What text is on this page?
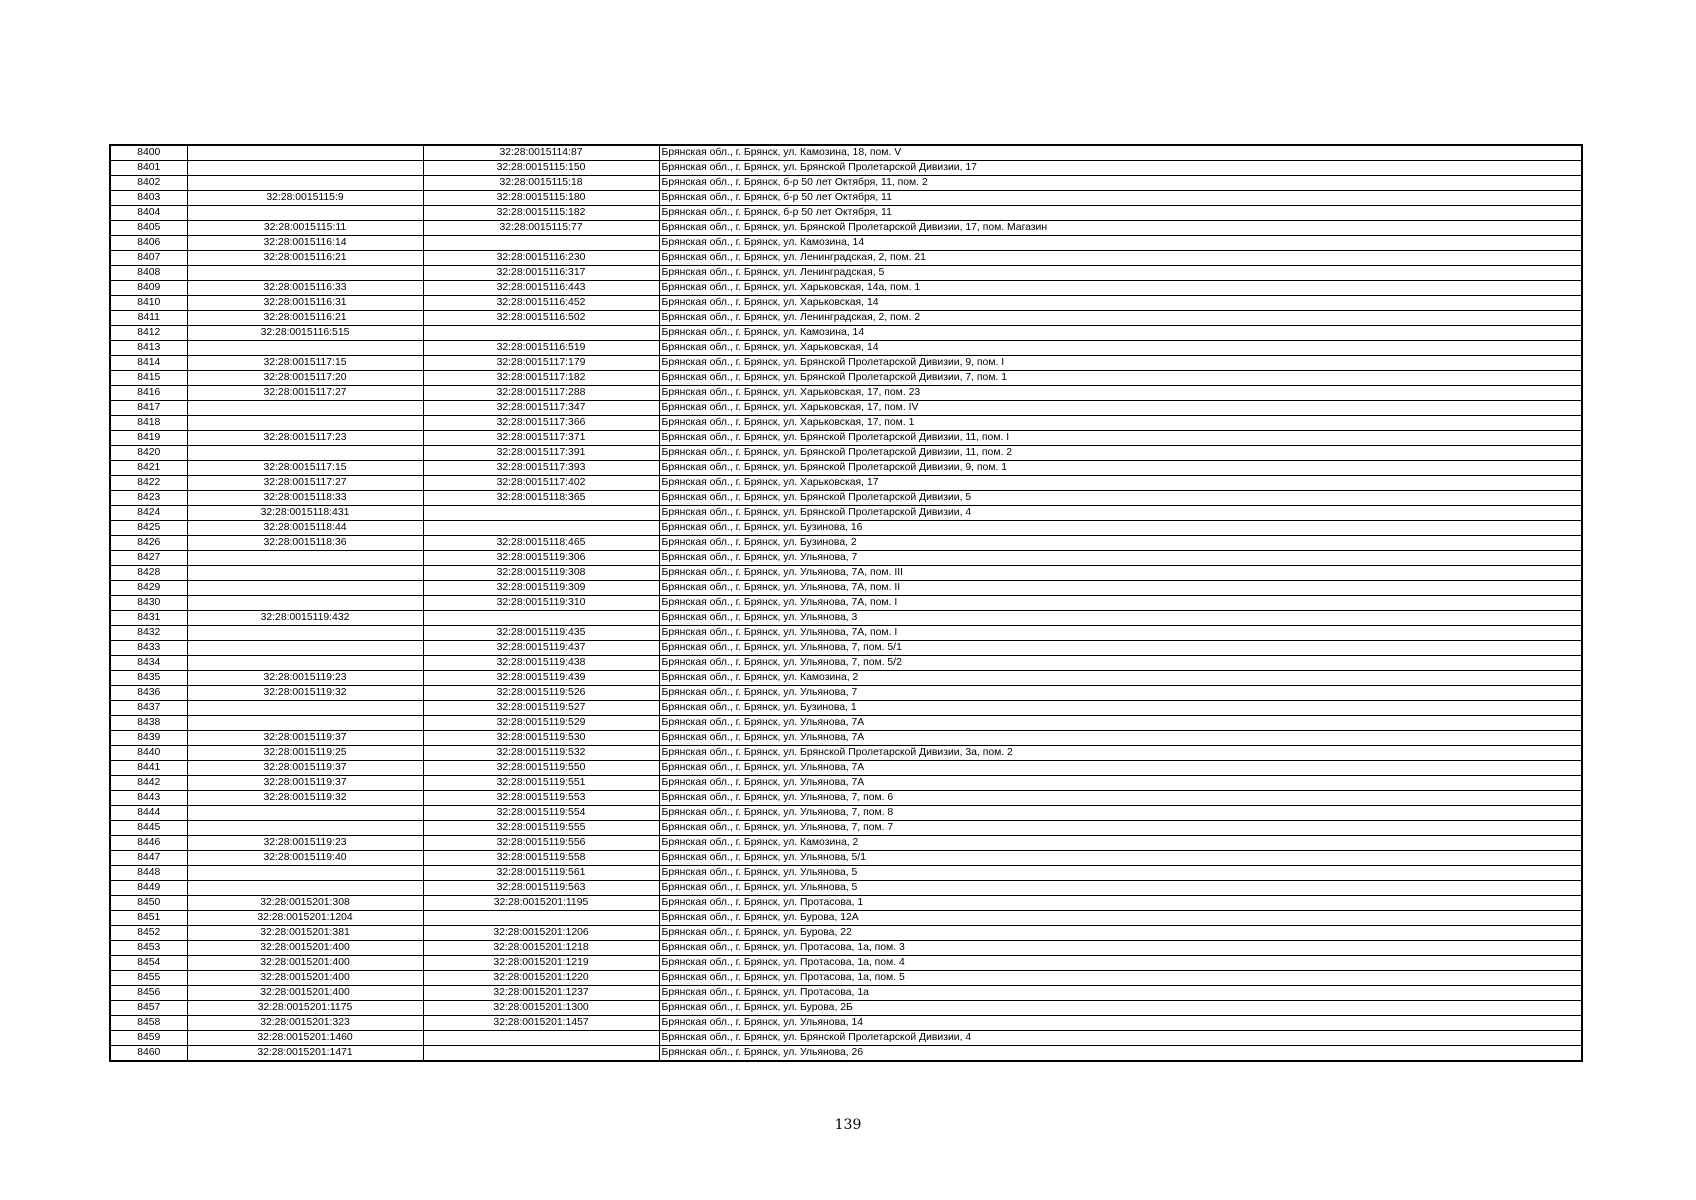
8400		32:28:0015114:87	Брянская обл., г. Брянск, ул. Камозина, 18, пом. V
8401		32:28:0015115:150	Брянская обл., г. Брянск, ул. Брянской Пролетарской Дивизии, 17
8402		32:28:0015115:18	Брянская обл., г. Брянск, б-р 50 лет Октября, 11, пом. 2
8403	32:28:0015115:9	32:28:0015115:180	Брянская обл., г. Брянск, б-р 50 лет Октября, 11
8404		32:28:0015115:182	Брянская обл., г. Брянск, б-р 50 лет Октября, 11
8405	32:28:0015115:11	32:28:0015115:77	Брянская обл., г. Брянск, ул. Брянской Пролетарской Дивизии, 17, пом. Магазин
8406	32:28:0015116:14		Брянская обл., г. Брянск, ул. Камозина, 14
8407	32:28:0015116:21	32:28:0015116:230	Брянская обл., г. Брянск, ул. Ленинградская, 2, пом. 21
8408		32:28:0015116:317	Брянская обл., г. Брянск, ул. Ленинградская, 5
8409	32:28:0015116:33	32:28:0015116:443	Брянская обл., г. Брянск, ул. Харьковская, 14а, пом. 1
8410	32:28:0015116:31	32:28:0015116:452	Брянская обл., г. Брянск, ул. Харьковская, 14
8411	32:28:0015116:21	32:28:0015116:502	Брянская обл., г. Брянск, ул. Ленинградская, 2, пом. 2
8412	32:28:0015116:515		Брянская обл., г. Брянск, ул. Камозина, 14
8413		32:28:0015116:519	Брянская обл., г. Брянск, ул. Харьковская, 14
8414	32:28:0015117:15	32:28:0015117:179	Брянская обл., г. Брянск, ул. Брянской Пролетарской Дивизии, 9, пом. I
8415	32:28:0015117:20	32:28:0015117:182	Брянская обл., г. Брянск, ул. Брянской Пролетарской Дивизии, 7, пом. 1
8416	32:28:0015117:27	32:28:0015117:288	Брянская обл., г. Брянск, ул. Харьковская, 17, пом. 23
8417		32:28:0015117:347	Брянская обл., г. Брянск, ул. Харьковская, 17, пом. IV
8418		32:28:0015117:366	Брянская обл., г. Брянск, ул. Харьковская, 17, пом. 1
8419	32:28:0015117:23	32:28:0015117:371	Брянская обл., г. Брянск, ул. Брянской Пролетарской Дивизии, 11, пом. I
8420		32:28:0015117:391	Брянская обл., г. Брянск, ул. Брянской Пролетарской Дивизии, 11, пом. 2
8421	32:28:0015117:15	32:28:0015117:393	Брянская обл., г. Брянск, ул. Брянской Пролетарской Дивизии, 9, пом. 1
8422	32:28:0015117:27	32:28:0015117:402	Брянская обл., г. Брянск, ул. Харьковская, 17
8423	32:28:0015118:33	32:28:0015118:365	Брянская обл., г. Брянск, ул. Брянской Пролетарской Дивизии, 5
8424	32:28:0015118:431		Брянская обл., г. Брянск, ул. Брянской Пролетарской Дивизии, 4
8425	32:28:0015118:44		Брянская обл., г. Брянск, ул. Бузинова, 16
8426	32:28:0015118:36	32:28:0015118:465	Брянская обл., г. Брянск, ул. Бузинова, 2
8427		32:28:0015119:306	Брянская обл., г. Брянск, ул. Ульянова, 7
8428		32:28:0015119:308	Брянская обл., г. Брянск, ул. Ульянова, 7А, пом. III
8429		32:28:0015119:309	Брянская обл., г. Брянск, ул. Ульянова, 7А, пом. II
8430		32:28:0015119:310	Брянская обл., г. Брянск, ул. Ульянова, 7А, пом. I
8431	32:28:0015119:432		Брянская обл., г. Брянск, ул. Ульянова, 3
8432		32:28:0015119:435	Брянская обл., г. Брянск, ул. Ульянова, 7А, пом. I
8433		32:28:0015119:437	Брянская обл., г. Брянск, ул. Ульянова, 7, пом. 5/1
8434		32:28:0015119:438	Брянская обл., г. Брянск, ул. Ульянова, 7, пом. 5/2
8435	32:28:0015119:23	32:28:0015119:439	Брянская обл., г. Брянск, ул. Камозина, 2
8436	32:28:0015119:32	32:28:0015119:526	Брянская обл., г. Брянск, ул. Ульянова, 7
8437		32:28:0015119:527	Брянская обл., г. Брянск, ул. Бузинова, 1
8438		32:28:0015119:529	Брянская обл., г. Брянск, ул. Ульянова, 7А
8439	32:28:0015119:37	32:28:0015119:530	Брянская обл., г. Брянск, ул. Ульянова, 7А
8440	32:28:0015119:25	32:28:0015119:532	Брянская обл., г. Брянск, ул. Брянской Пролетарской Дивизии, 3а, пом. 2
8441	32:28:0015119:37	32:28:0015119:550	Брянская обл., г. Брянск, ул. Ульянова, 7А
8442	32:28:0015119:37	32:28:0015119:551	Брянская обл., г. Брянск, ул. Ульянова, 7А
8443	32:28:0015119:32	32:28:0015119:553	Брянская обл., г. Брянск, ул. Ульянова, 7, пом. 6
8444		32:28:0015119:554	Брянская обл., г. Брянск, ул. Ульянова, 7, пом. 8
8445		32:28:0015119:555	Брянская обл., г. Брянск, ул. Ульянова, 7, пом. 7
8446	32:28:0015119:23	32:28:0015119:556	Брянская обл., г. Брянск, ул. Камозина, 2
8447	32:28:0015119:40	32:28:0015119:558	Брянская обл., г. Брянск, ул. Ульянова, 5/1
8448		32:28:0015119:561	Брянская обл., г. Брянск, ул. Ульянова, 5
8449		32:28:0015119:563	Брянская обл., г. Брянск, ул. Ульянова, 5
8450	32:28:0015201:308	32:28:0015201:1195	Брянская обл., г. Брянск, ул. Протасова, 1
8451	32:28:0015201:1204		Брянская обл., г. Брянск, ул. Бурова, 12А
8452	32:28:0015201:381	32:28:0015201:1206	Брянская обл., г. Брянск, ул. Бурова, 22
8453	32:28:0015201:400	32:28:0015201:1218	Брянская обл., г. Брянск, ул. Протасова, 1а, пом. 3
8454	32:28:0015201:400	32:28:0015201:1219	Брянская обл., г. Брянск, ул. Протасова, 1а, пом. 4
8455	32:28:0015201:400	32:28:0015201:1220	Брянская обл., г. Брянск, ул. Протасова, 1а, пом. 5
8456	32:28:0015201:400	32:28:0015201:1237	Брянская обл., г. Брянск, ул. Протасова, 1а
8457	32:28:0015201:1175	32:28:0015201:1300	Брянская обл., г. Брянск, ул. Бурова, 2Б
8458	32:28:0015201:323	32:28:0015201:1457	Брянская обл., г. Брянск, ул. Ульянова, 14
8459	32:28:0015201:1460		Брянская обл., г. Брянск, ул. Брянской Пролетарской Дивизии, 4
8460	32:28:0015201:1471		Брянская обл., г. Брянск, ул. Ульянова, 26
139
